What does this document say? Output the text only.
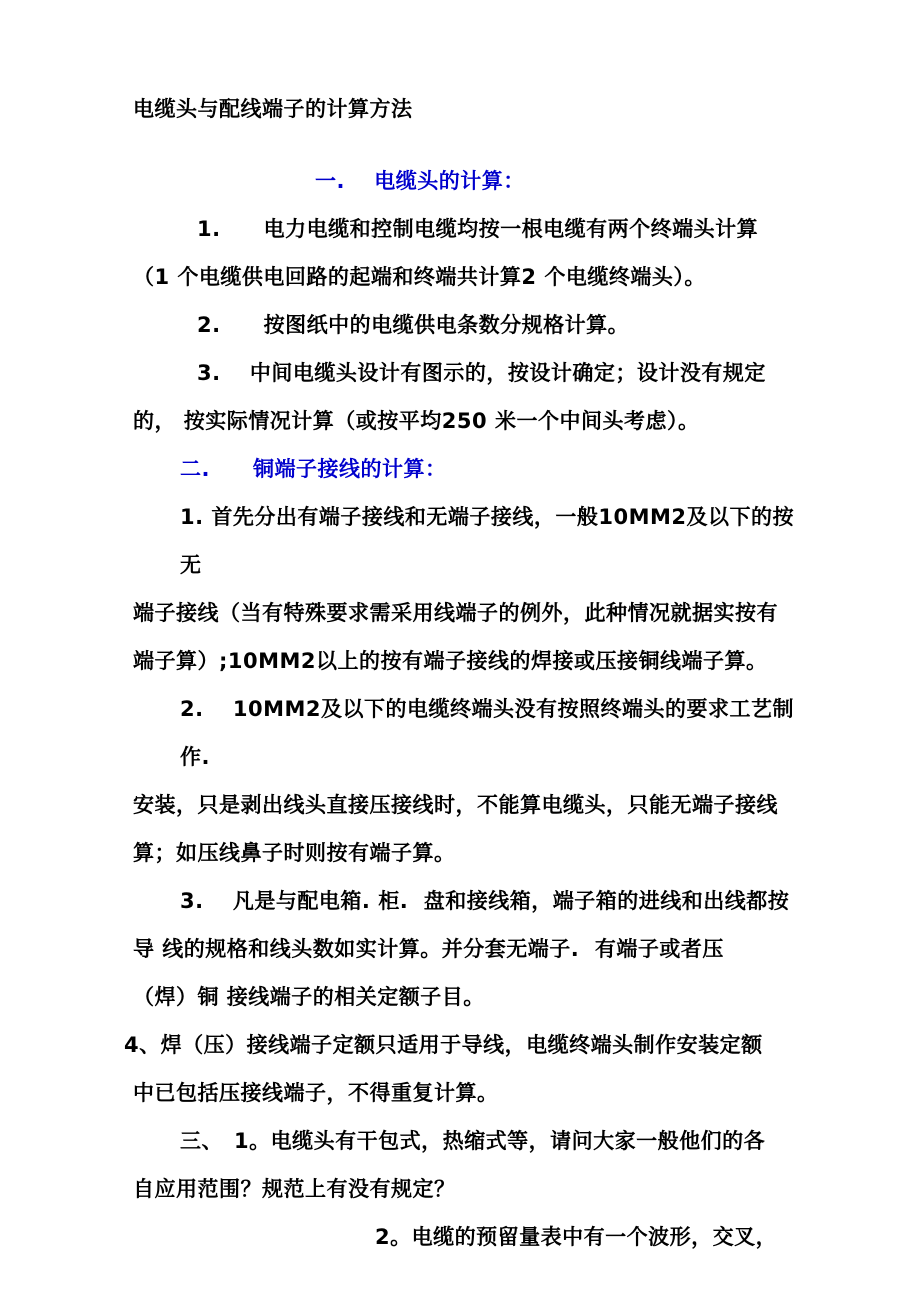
电缆头与配线端子的计算方法

一.　 电缆头的计算：

1.　　电力电缆和控制电缆均按一根电缆有两个终端头计算

（1 个电缆供电回路的起端和终端共计算2 个电缆终端头）。

2.　　按图纸中的电缆供电条数分规格计算。

3.　 中间电缆头设计有图示的，按设计确定；设计没有规定

的， 按实际情况计算（或按平均250 米一个中间头考虑）。

二.　　铜端子接线的计算：

1. 首先分出有端子接线和无端子接线，一般10MM2及以下的按无

端子接线（当有特殊要求需采用线端子的例外，此种情况就据实按有

端子算）;10MM2以上的按有端子接线的焊接或压接铜线端子算。

2.　 10MM2及以下的电缆终端头没有按照终端头的要求工艺制作.

安装，只是剥出线头直接压接线时，不能算电缆头，只能无端子接线

算；如压线鼻子时则按有端子算。

3.　 凡是与配电箱. 柜.  盘和接线箱，端子箱的进线和出线都按

导 线的规格和线头数如实计算。并分套无端子.  有端子或者压

（焊）铜 接线端子的相关定额子目。

4、焊（压）接线端子定额只适用于导线，电缆终端头制作安装定额

中已包括压接线端子，不得重复计算。

三、　1。电缆头有干包式，热缩式等，请问大家一般他们的各

自应用范围？规范上有没有规定？

2。电缆的预留量表中有一个波形，交叉，
